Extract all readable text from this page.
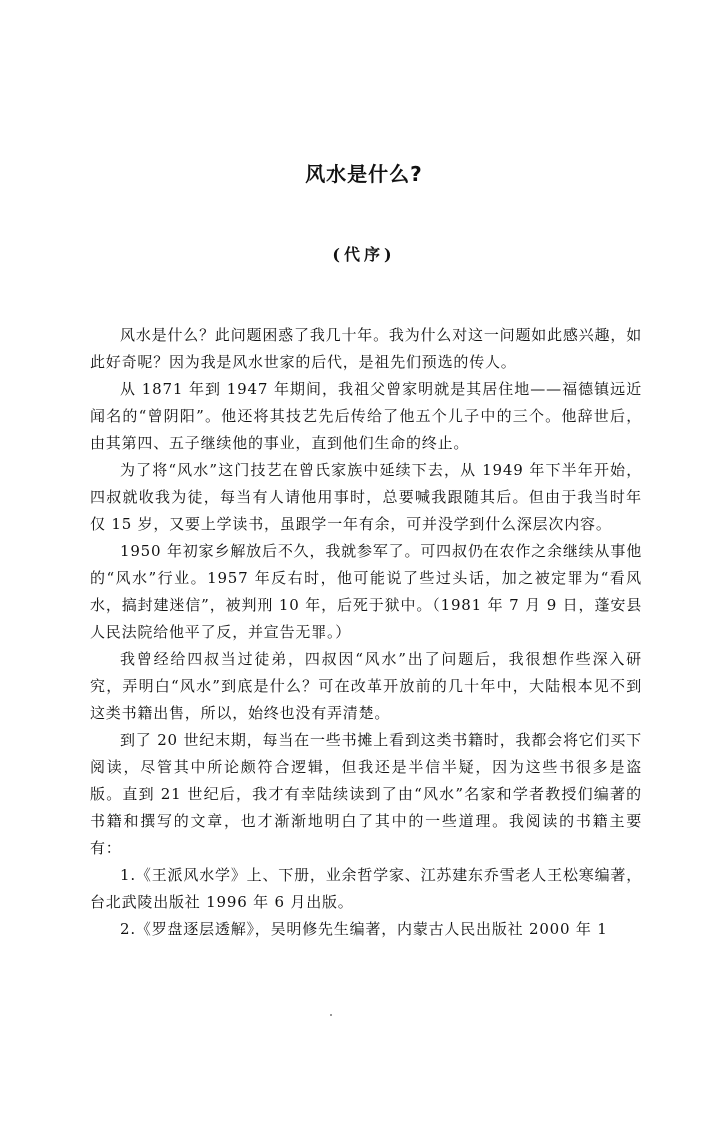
风水是什么?
(代序)

风水是什么？此问题困惑了我几十年。我为什么对这一问题如此感兴趣，如此好奇呢？因为我是风水世家的后代，是祖先们预选的传人。

从 1871 年到 1947 年期间，我祖父曾家明就是其居住地——福德镇远近闻名的“曾阴阳”。他还将其技艺先后传给了他五个儿子中的三个。他辞世后，由其第四、五子继续他的事业，直到他们生命的终止。

为了将“风水”这门技艺在曾氏家族中延续下去，从 1949 年下半年开始，四叔就收我为徒，每当有人请他用事时，总要喊我跟随其后。但由于我当时年仅 15 岁，又要上学读书，虽跟学一年有余，可并没学到什么深层次内容。

1950 年初家乡解放后不久，我就参军了。可四叔仍在农作之余继续从事他的“风水”行业。1957 年反右时，他可能说了些过头话，加之被定罪为“看风水，搞封建迷信”，被判刑 10 年，后死于狱中。（1981 年 7 月 9 日，蓬安县人民法院给他平了反，并宣告无罪。）

我曾经给四叔当过徒弟，四叔因“风水”出了问题后，我很想作些深入研究，弄明白“风水”到底是什么？可在改革开放前的几十年中，大陆根本见不到这类书籍出售，所以，始终也没有弄清楚。

到了 20 世纪末期，每当在一些书摊上看到这类书籍时，我都会将它们买下阅读，尽管其中所论颇符合逻辑，但我还是半信半疑，因为这些书很多是盗版。直到 21 世纪后，我才有幸陆续读到了由“风水”名家和学者教授们编著的书籍和撰写的文章，也才渐渐地明白了其中的一些道理。我阅读的书籍主要有：

1.《王派风水学》上、下册，业余哲学家、江苏建东乔雪老人王松寒编著，台北武陵出版社 1996 年 6 月出版。

2.《罗盘逐层透解》，吴明修先生编著，内蒙古人民出版社 2000 年 1
